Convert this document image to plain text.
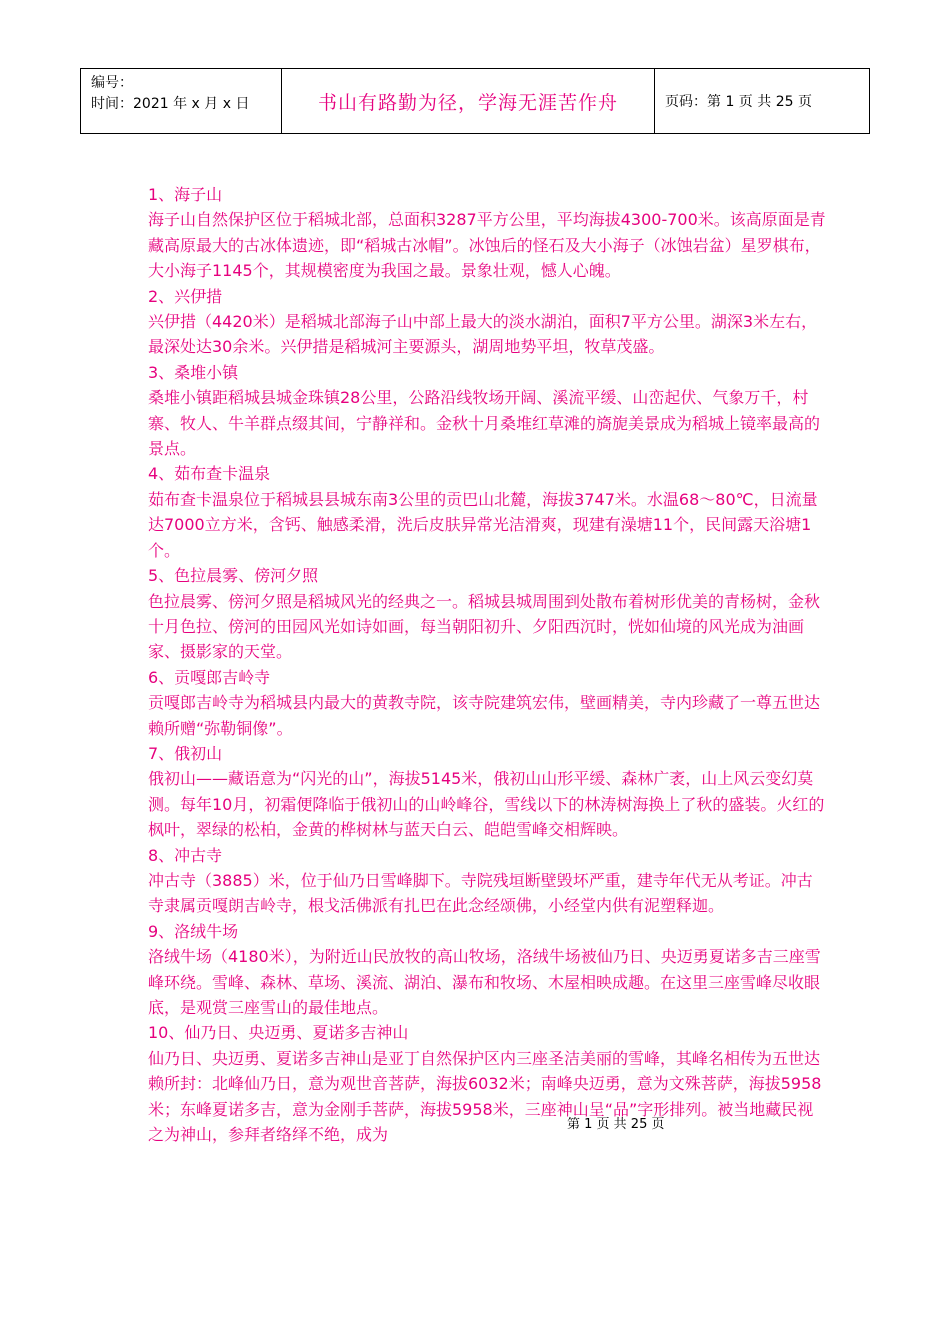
编号：
时间：2021 年 x 月 x 日	书山有路勤为径，学海无涯苦作舟	页码：第 1 页 共 25 页

1、海子山

海子山自然保护区位于稻城北部，总面积3287平方公里，平均海拔4300-700米。该高原面是青藏高原最大的古冰体遗迹，即“稻城古冰帽”。冰蚀后的怪石及大小海子（冰蚀岩盆）星罗棋布，大小海子1145个，其规模密度为我国之最。景象壮观，憾人心魄。

2、兴伊措

兴伊措（4420米）是稻城北部海子山中部上最大的淡水湖泊，面积7平方公里。湖深3米左右，最深处达30余米。兴伊措是稻城河主要源头，湖周地势平坦，牧草茂盛。

3、桑堆小镇

桑堆小镇距稻城县城金珠镇28公里，公路沿线牧场开阔、溪流平缓、山峦起伏、气象万千，村寨、牧人、牛羊群点缀其间，宁静祥和。金秋十月桑堆红草滩的旖旎美景成为稻城上镜率最高的景点。

4、茹布查卡温泉

茹布查卡温泉位于稻城县县城东南3公里的贡巴山北麓，海拔3747米。水温68～80℃，日流量达7000立方米，含钙、触感柔滑，洗后皮肤异常光洁滑爽，现建有澡塘11个，民间露天浴塘1个。

5、色拉晨雾、傍河夕照

色拉晨雾、傍河夕照是稻城风光的经典之一。稻城县城周围到处散布着树形优美的青杨树，金秋十月色拉、傍河的田园风光如诗如画，每当朝阳初升、夕阳西沉时，恍如仙境的风光成为油画家、摄影家的天堂。

6、贡嘎郎吉岭寺

贡嘎郎吉岭寺为稻城县内最大的黄教寺院，该寺院建筑宏伟，壁画精美，寺内珍藏了一尊五世达赖所赠“弥勒铜像”。

7、俄初山

俄初山——藏语意为“闪光的山”，海拔5145米，俄初山山形平缓、森林广袤，山上风云变幻莫测。每年10月，初霜便降临于俄初山的山岭峰谷，雪线以下的林涛树海换上了秋的盛装。火红的枫叶，翠绿的松柏，金黄的桦树林与蓝天白云、皑皑雪峰交相辉映。

8、冲古寺

冲古寺（3885）米，位于仙乃日雪峰脚下。寺院残垣断壁毁坏严重，建寺年代无从考证。冲古寺隶属贡嘎朗吉岭寺，根戈活佛派有扎巴在此念经颂佛，小经堂内供有泥塑释迦。

9、洛绒牛场

洛绒牛场（4180米），为附近山民放牧的高山牧场，洛绒牛场被仙乃日、央迈勇夏诺多吉三座雪峰环绕。雪峰、森林、草场、溪流、湖泊、瀑布和牧场、木屋相映成趣。在这里三座雪峰尽收眼底，是观赏三座雪山的最佳地点。

10、仙乃日、央迈勇、夏诺多吉神山

仙乃日、央迈勇、夏诺多吉神山是亚丁自然保护区内三座圣洁美丽的雪峰，其峰名相传为五世达赖所封：北峰仙乃日，意为观世音菩萨，海拔6032米；南峰央迈勇，意为文殊菩萨，海拔5958米；东峰夏诺多吉，意为金刚手菩萨，海拔5958米，三座神山呈“品”字形排列。被当地藏民视之为神山，参拜者络绎不绝，成为

第 1 页 共 25 页
